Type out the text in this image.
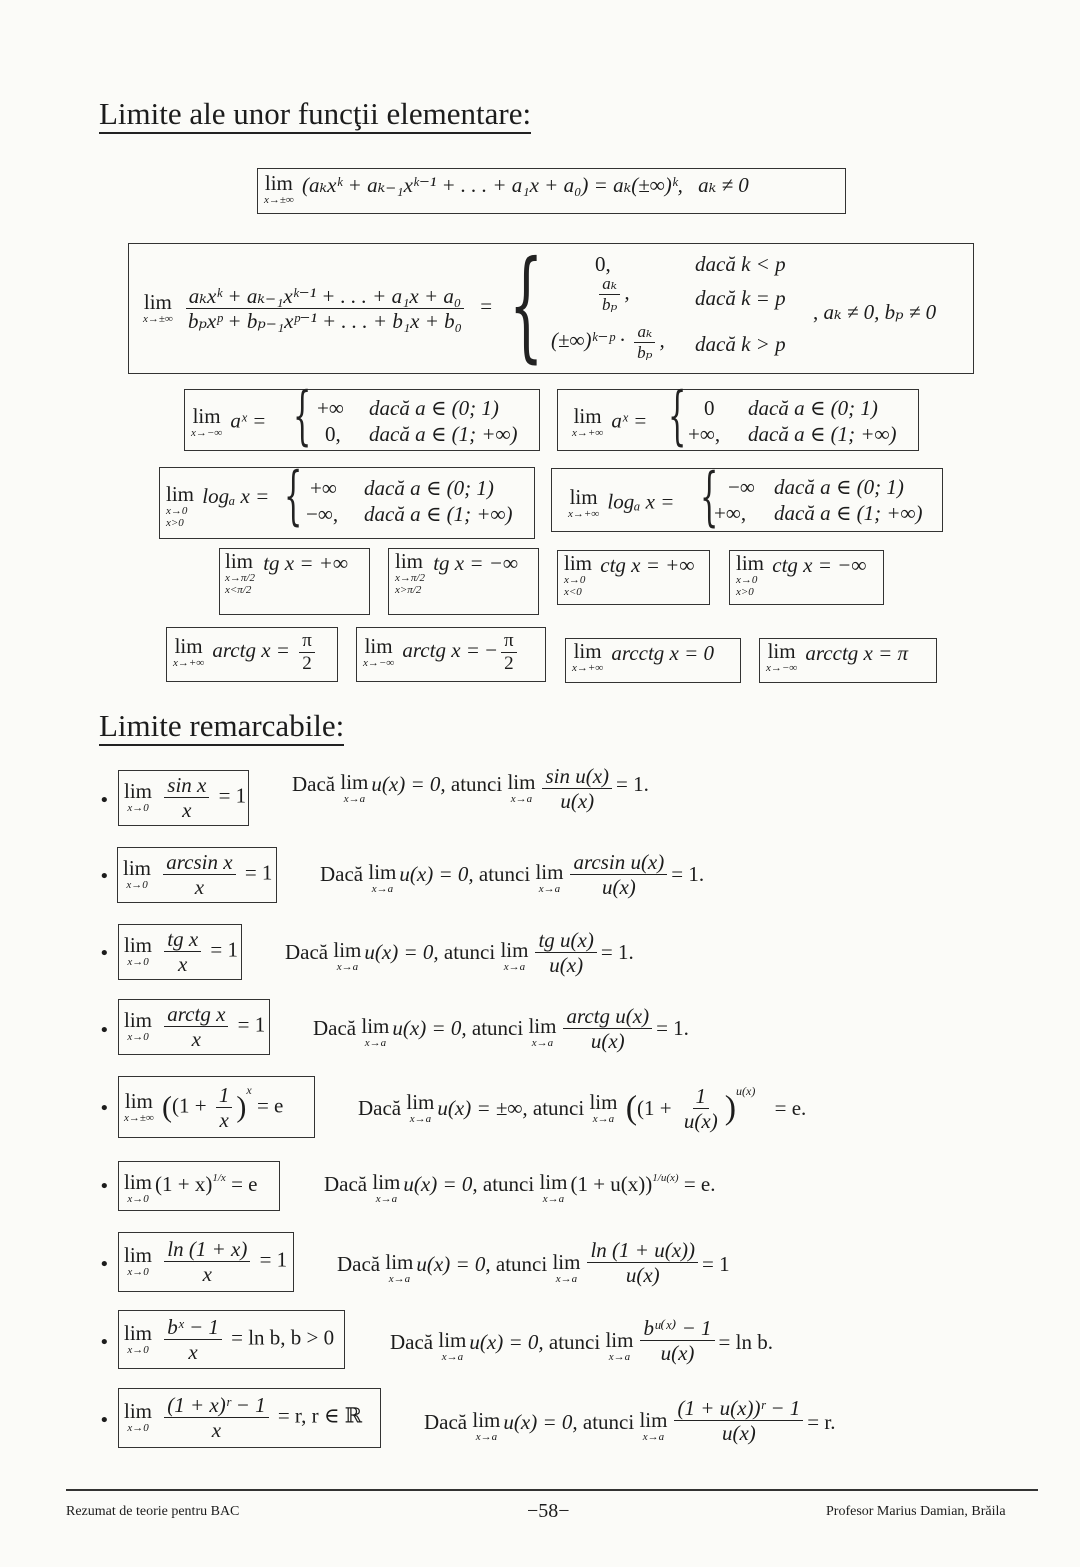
Limite ale unor funcţii elementare:
lim
x→±∞
(aₖxᵏ + aₖ₋₁xᵏ⁻¹ + . . . + a₁x + a₀) = aₖ(±∞)ᵏ, aₖ ≠ 0
lim
x→±∞
$\frac{\text{aₖxᵏ + aₖ₋₁xᵏ⁻¹ + . . . + a₁x + a₀}}{\text{bₚxᵖ + bₚ₋₁xᵖ⁻¹ + . . . + b₁x + b₀}}$ = { 0,	dacă k < p
$\frac{\text{aₖ}}{\text{bₚ}}$ ,	dacă k = p
(±∞)ᵏ⁻ᵖ · $\frac{\text{aₖ}}{\text{bₚ}}$ , dacă k > p
, aₖ ≠ 0, bₚ ≠ 0
lim
x→−∞
aˣ = { +∞ dacă a ∈ (0; 1)
0, dacă a ∈ (1; +∞)
lim
x→+∞
aˣ = { 0 dacă a ∈ (0; 1)
+∞, dacă a ∈ (1; +∞)
lim
x→0
x>0
logₐ x = { +∞ dacă a ∈ (0; 1)
−∞, dacă a ∈ (1; +∞)
lim
x→+∞
logₐ x = { −∞ dacă a ∈ (0; 1)
+∞, dacă a ∈ (1; +∞)
lim
x→π/2
x<π/2
tg x = +∞ lim
x→π/2
x>π/2
tg x = −∞ lim
x→0
x<0
ctg x = +∞ lim
x→0
x>0
ctg x = −∞
lim
x→+∞
arctg $x = \frac{\pi}{2}$ lim
x→−∞
arctg x = − $\frac{\pi}{2}$	lim
x→+∞
arcctg x = 0	lim
x→−∞
arcctg x = π
Limite remarcabile:
• lim
x→0
$\frac{\text{sin x}}{x} = 1$ Dacă lim
x→a
u(x) = 0, atunci lim
$x\to a \frac{\text{sin u(x)}}{u(x)} = 1$.
• lim
x→0
$\frac{\text{arcsin x}}{x} = 1$ Dacă lim
x→a
u(x) = 0, atunci lim
$x\to a \frac{\text{arcsin u(x)}}{u(x)} = 1$.
• lim
x→0
$\frac{\text{tg x}}{x} = 1$ Dacă lim
x→a
u(x) = 0, atunci lim
$x\to a \frac{\text{tg u(x)}}{u(x)} = 1$.
• lim
x→0
$\frac{\text{arctg x}}{x} = 1$ Dacă lim
x→a
u(x) = 0, atunci lim
$x\to a \frac{\text{arctg u(x)}}{u(x)} = 1$.
• lim
x→±∞ ($(1 + \frac{1}{x} )^x = e$	Dacă lim
x→a u(x) = ±∞, atunci lim
x→a ($(1 + \frac{1}{u(x)} )^{u(x)} = e$.
• lim
x→0
$(1 + x)^{1/x} = e$	Dacă lim
x→a
u(x) = 0, atunci lim
x→a
$(1 + u(x))^{1/u(x)} = e$.
• lim
x→0
$\frac{\ln (1 + x)}{x} = 1$ Dacă lim
x→a
u(x) = 0, atunci lim
$x\to a \frac{\ln (1 + u(x))}{u(x)} = 1$
• lim
x→0
$\frac{\text{bˣ − 1}}{x} = \ln b$, b > 0	Dacă lim
x→a
u(x) = 0, atunci lim
$x\to a \frac{\text{bᵘ⁽ˣ⁾ − 1}}{u(x)} = \ln b$.
• lim
x→0
$\frac{\text{(1 + x)ʳ − 1}}{x} = r$, r ∈ ℝ	Dacă lim
x→a
u(x) = 0, atunci lim
$x\to a \frac{\text{(1 + u(x))ʳ − 1}}{u(x)} = r$.
Rezumat de teorie pentru BAC	−58−	Profesor Marius Damian, Brăila
